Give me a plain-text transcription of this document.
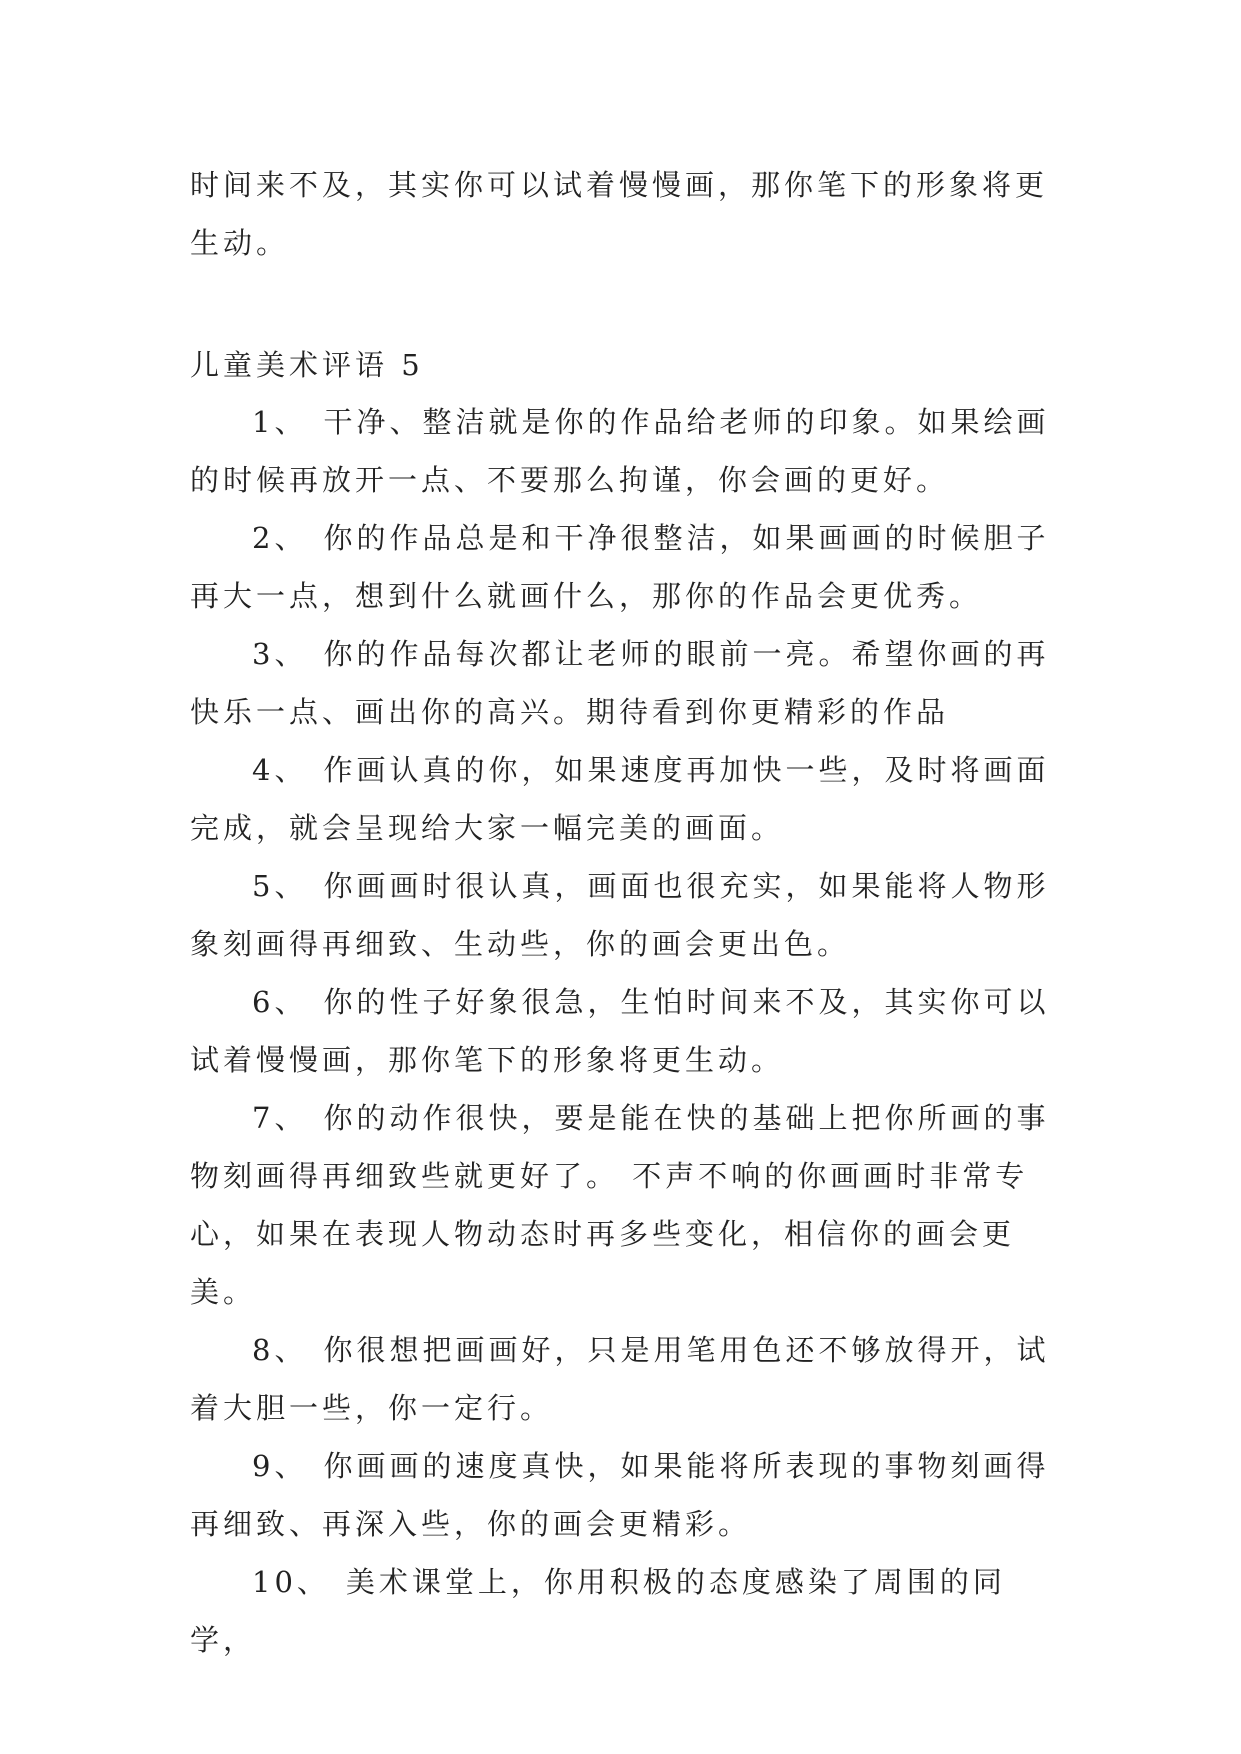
时间来不及，其实你可以试着慢慢画，那你笔下的形象将更生动。

儿童美术评语 5
1、 干净、整洁就是你的作品给老师的印象。如果绘画的时候再放开一点、不要那么拘谨，你会画的更好。
2、 你的作品总是和干净很整洁，如果画画的时候胆子再大一点，想到什么就画什么，那你的作品会更优秀。
3、 你的作品每次都让老师的眼前一亮。希望你画的再快乐一点、画出你的高兴。期待看到你更精彩的作品
4、 作画认真的你，如果速度再加快一些，及时将画面完成，就会呈现给大家一幅完美的画面。
5、 你画画时很认真，画面也很充实，如果能将人物形象刻画得再细致、生动些，你的画会更出色。
6、 你的性子好象很急，生怕时间来不及，其实你可以试着慢慢画，那你笔下的形象将更生动。
7、 你的动作很快，要是能在快的基础上把你所画的事物刻画得再细致些就更好了。 不声不响的你画画时非常专心，如果在表现人物动态时再多些变化，相信你的画会更美。
8、 你很想把画画好，只是用笔用色还不够放得开，试着大胆一些，你一定行。
9、 你画画的速度真快，如果能将所表现的事物刻画得再细致、再深入些，你的画会更精彩。
10、 美术课堂上，你用积极的态度感染了周围的同学，
